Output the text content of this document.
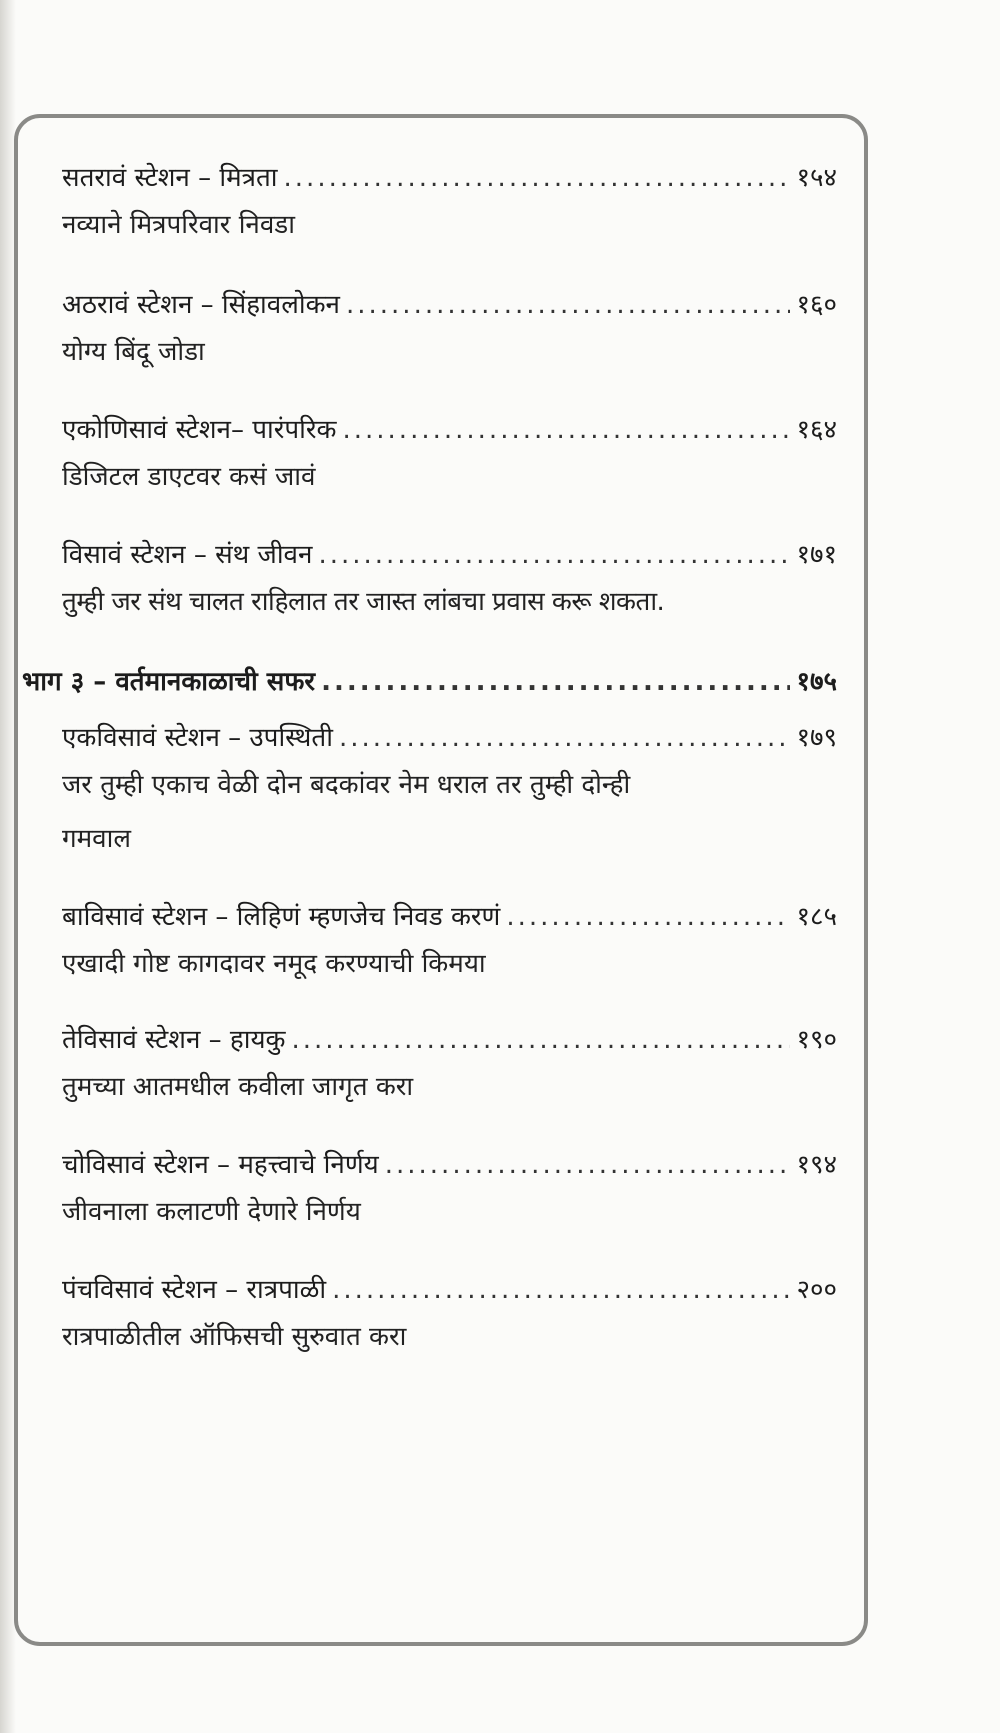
सतरावं स्टेशन – मित्रता .....	१५४
नव्याने मित्रपरिवार निवडा
अठरावं स्टेशन – सिंहावलोकन .....	१६०
योग्य बिंदू जोडा
एकोणिसावं स्टेशन– पारंपरिक .....	१६४
डिजिटल डाएटवर कसं जावं
विसावं स्टेशन – संथ जीवन .....	१७१
तुम्ही जर संथ चालत राहिलात तर जास्त लांबचा प्रवास करू शकता.
भाग ३ – वर्तमानकाळाची सफर .....	१७५
एकविसावं स्टेशन – उपस्थिती .....	१७९
जर तुम्ही एकाच वेळी दोन बदकांवर नेम धराल तर तुम्ही दोन्ही
गमवाल
बाविसावं स्टेशन – लिहिणं म्हणजेच निवड करणं .....	१८५
एखादी गोष्ट कागदावर नमूद करण्याची किमया
तेविसावं स्टेशन – हायकु .....	१९०
तुमच्या आतमधील कवीला जागृत करा
चोविसावं स्टेशन – महत्त्वाचे निर्णय .....	१९४
जीवनाला कलाटणी देणारे निर्णय
पंचविसावं स्टेशन – रात्रपाळी .....	२००
रात्रपाळीतील ऑफिसची सुरुवात करा
